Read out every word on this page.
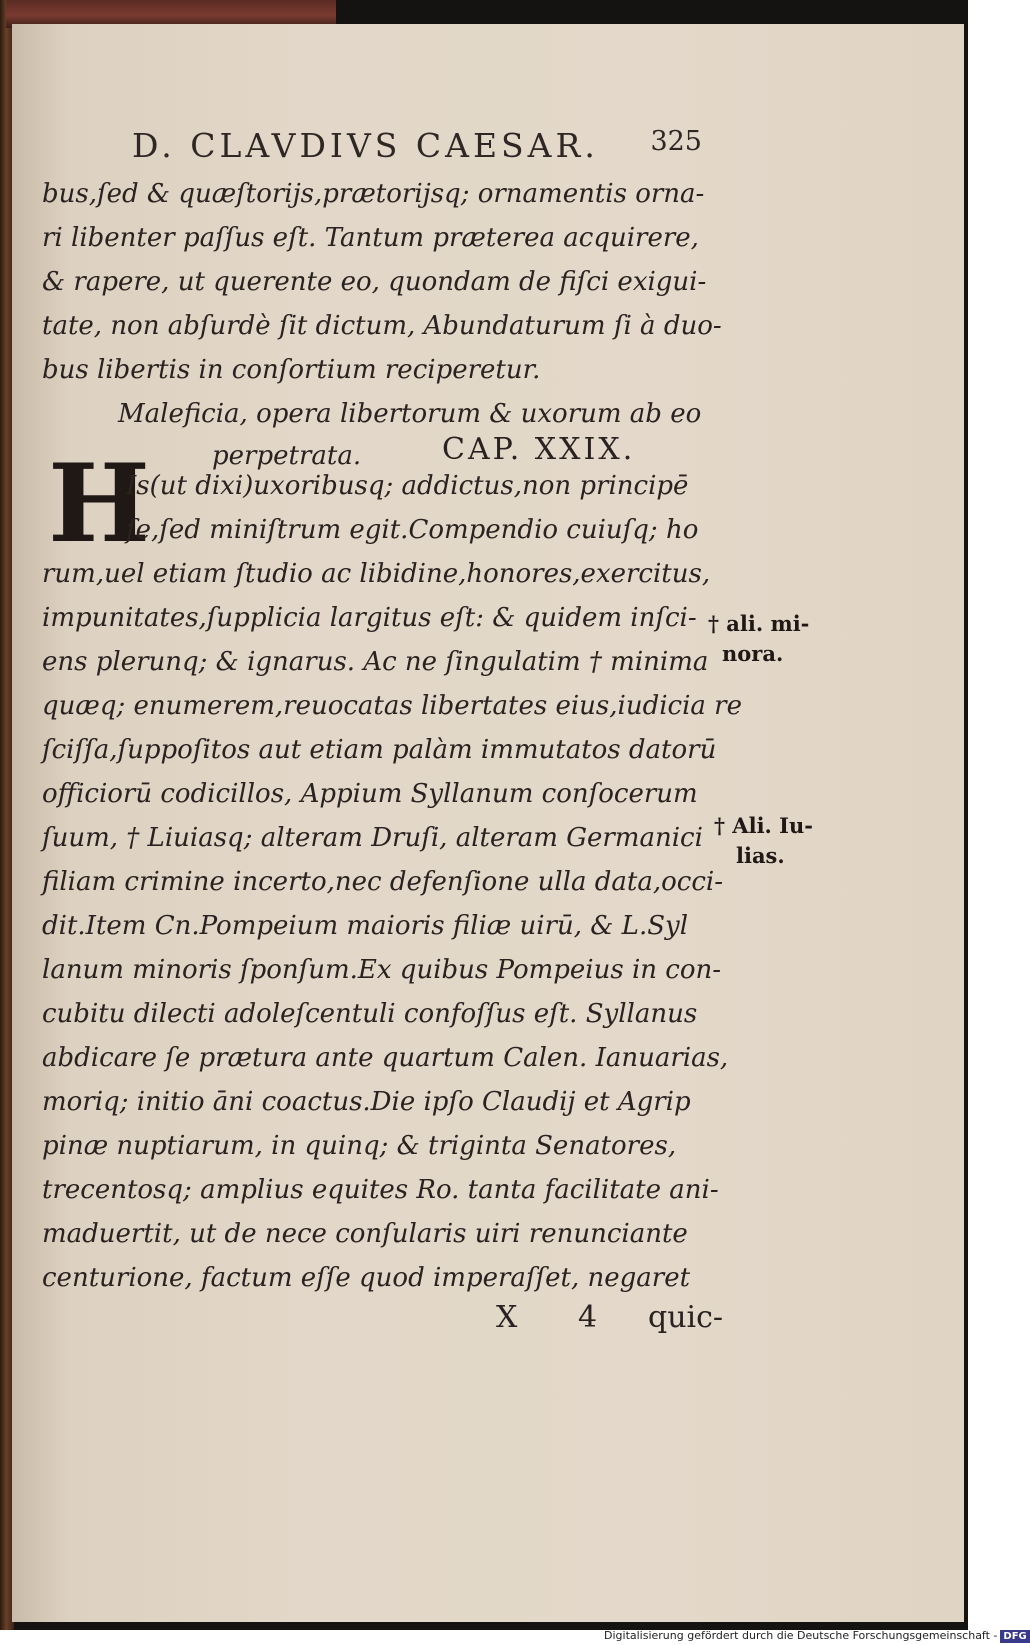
D. CLAVDIVS CAESAR. 325
bus,ſed & quæſtorijs,prætorijsq; ornamentis orna-
ri libenter paſſus eſt. Tantum præterea acquirere,
& rapere, ut querente eo, quondam de fiſci exigui-
tate, non abſurdè ſit dictum, Abundaturum ſi à duo-
bus libertis in conſortium reciperetur.
Maleficia, opera libertorum & uxorum ab eo
perpetrata.	CAP. XXIX.
H
Is(ut dixi)uxoribusq; addictus,non principē
ſe,ſed miniſtrum egit.Compendio cuiuſq; ho
rum,uel etiam ſtudio ac libidine,honores,exercitus,
impunitates,ſupplicia largitus eſt: & quidem inſci-
ens plerunq; & ignarus. Ac ne ſingulatim † minima
quæq; enumerem,reuocatas libertates eius,iudicia re
ſciſſa,ſuppoſitos aut etiam palàm immutatos datorū
officiorū codicillos, Appium Syllanum conſocerum
ſuum, † Liuiasq; alteram Druſi, alteram Germanici
filiam crimine incerto,nec defenſione ulla data,occi-
dit.Item Cn.Pompeium maioris filiæ uirū, & L.Syl
lanum minoris ſponſum.Ex quibus Pompeius in con-
cubitu dilecti adoleſcentuli confoſſus eſt. Syllanus
abdicare ſe prætura ante quartum Calen. Ianuarias,
moriq; initio āni coactus.Die ipſo Claudij et Agrip
pinæ nuptiarum, in quinq; & triginta Senatores,
trecentosq; amplius equites Ro. tanta facilitate ani-
maduertit, ut de nece conſularis uiri renunciante
centurione, factum eſſe quod imperaſſet, negaret
† ali. mi-
nora.
† Ali. Iu-
lias.
X 4 quic-
Digitalisierung gefördert durch die Deutsche Forschungsgemeinschaft - DFG
